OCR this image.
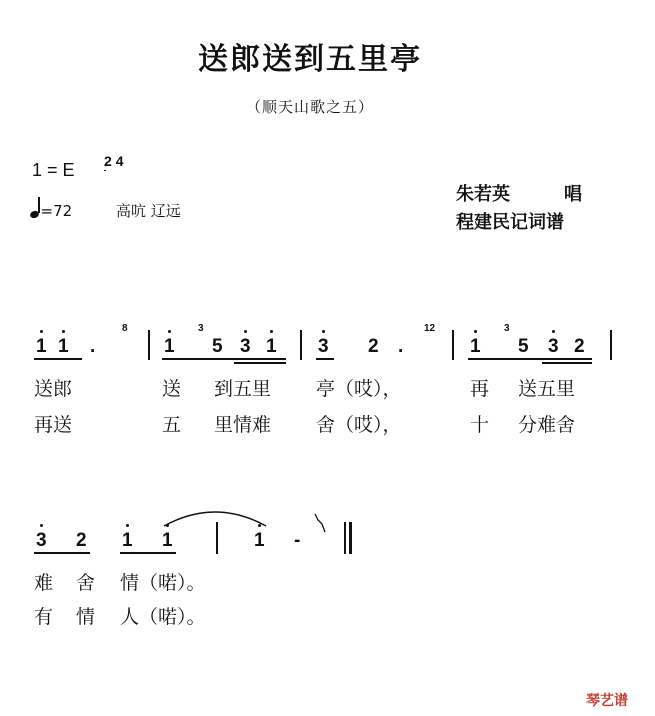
送郎送到五里亭
（顺天山歌之五）
1 = E 2 4
=72	高吭 辽远
朱若英	唱
程建民记词谱
1 1 .
8
1
3
5 3 1 3 2 .
12
1
3
5 3 2
送郎	送 到五里 亭（哎），	再 送五里
再送	五 里情难 舍（哎），	十 分难舍
3 2 1 1	1 -
难 舍 情（喏）。
有 情 人（喏）。
琴艺谱
